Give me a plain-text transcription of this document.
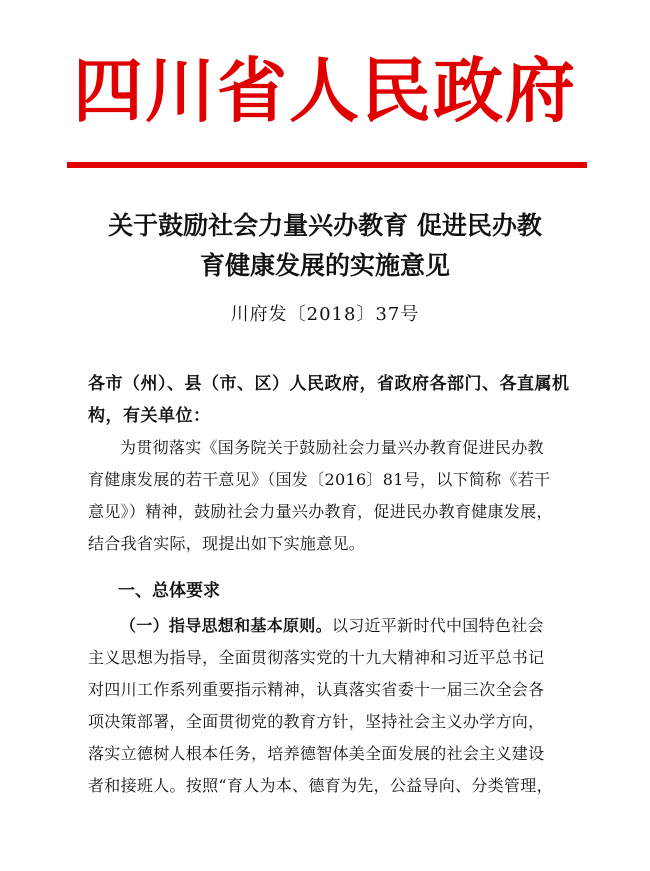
四川省人民政府
关于鼓励社会力量兴办教育 促进民办教
育健康发展的实施意见
川府发〔2018〕37号
各市（州）、县（市、区）人民政府，省政府各部门、各直属机
构，有关单位：
为贯彻落实《国务院关于鼓励社会力量兴办教育促进民办教
育健康发展的若干意见》（国发〔2016〕81号，以下简称《若干
意见》）精神，鼓励社会力量兴办教育，促进民办教育健康发展，
结合我省实际，现提出如下实施意见。
一、总体要求
（一）指导思想和基本原则。以习近平新时代中国特色社会
主义思想为指导，全面贯彻落实党的十九大精神和习近平总书记
对四川工作系列重要指示精神，认真落实省委十一届三次全会各
项决策部署，全面贯彻党的教育方针，坚持社会主义办学方向，
落实立德树人根本任务，培养德智体美全面发展的社会主义建设
者和接班人。按照“育人为本、德育为先，公益导向、分类管理，
